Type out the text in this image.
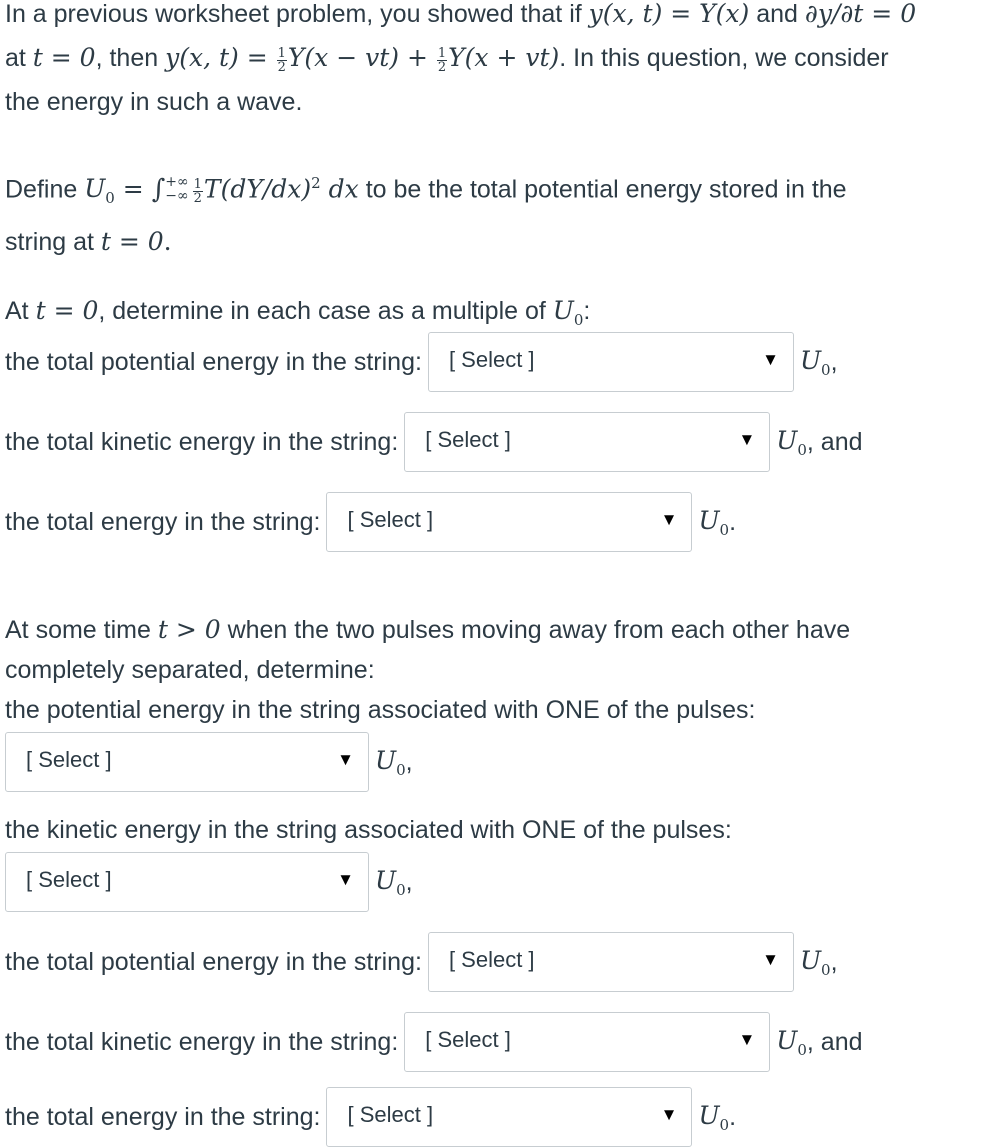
In a previous worksheet problem, you showed that if y(x, t) = Y(x) and ∂y/∂t = 0
at t = 0, then y(x, $t) = \frac{1}{2} Y(x - vt) + \frac{1}{2} Y(x + vt)$. In this question, we consider
the energy in such a wave.
Define $U_0$ = ∫ +∞
−∞ $\frac{1}{2} T(dY/dx)^2$ dx to be the total potential energy stored in the
string at t = 0.
At t = 0, determine in each case as a multiple of $U_0$:
the total potential energy in the string: [ Select ]	▼ $U_0$ ,
the total kinetic energy in the string: [ Select ]	▼ $U_0$ , and
the total energy in the string: [ Select ]	▼ $U_0$ .
At some time t > 0 when the two pulses moving away from each other have
completely separated, determine:
the potential energy in the string associated with ONE of the pulses:
[ Select ]	▼ $U_0$ ,
the kinetic energy in the string associated with ONE of the pulses:
[ Select ]	▼ $U_0$ ,
the total potential energy in the string: [ Select ]	▼ $U_0$ ,
the total kinetic energy in the string: [ Select ]	▼ $U_0$ , and
the total energy in the string: [ Select ]	▼ $U_0$ .
